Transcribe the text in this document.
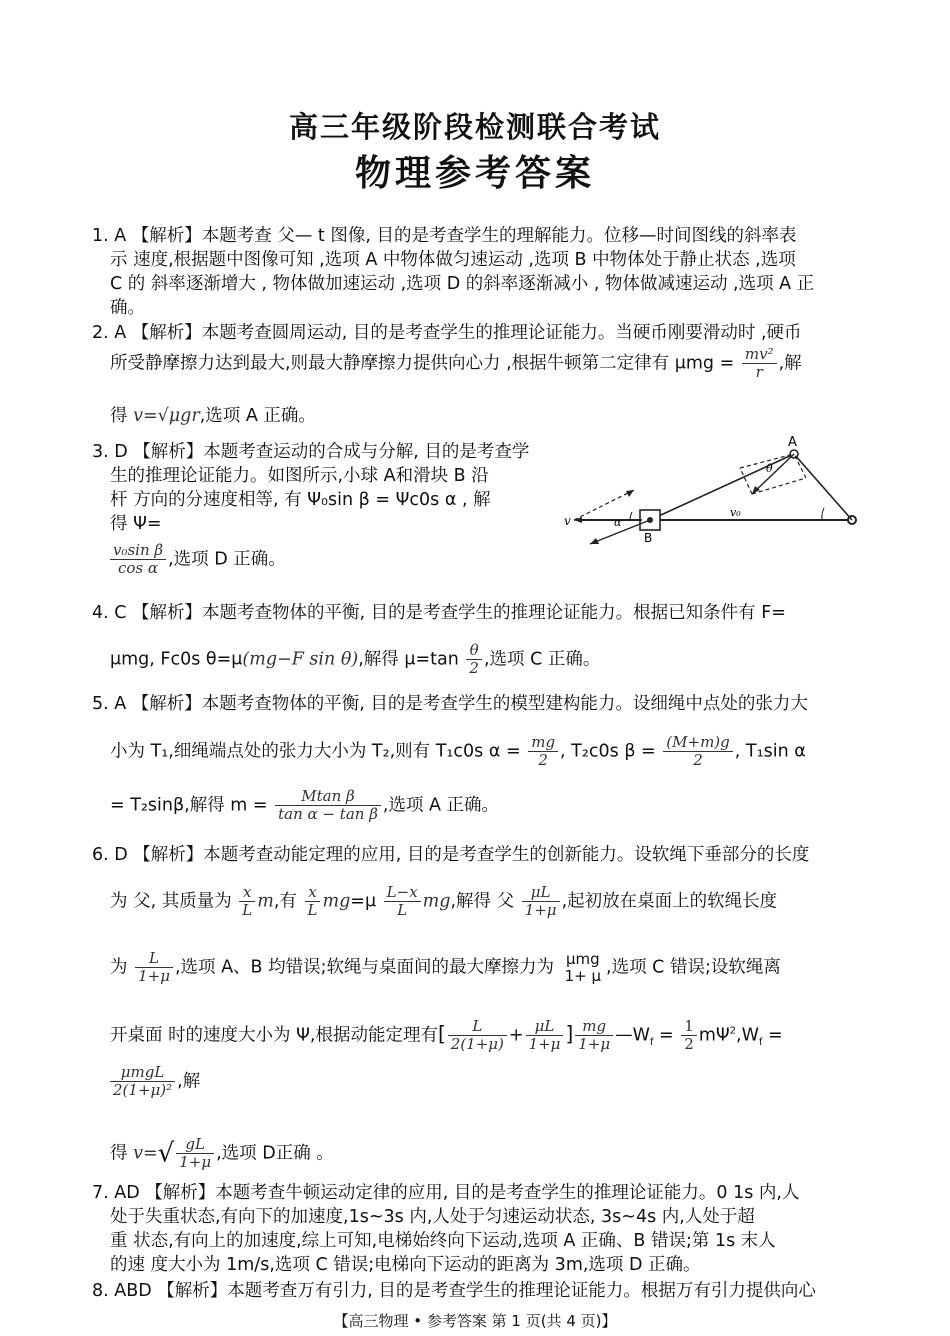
高三年级阶段检测联合考试
物理参考答案
1. A 【解析】本题考查 父— t 图像, 目的是考查学生的理解能力。位移—时间图线的斜率表
示 速度,根据题中图像可知 ,选项 A 中物体做匀速运动 ,选项 B 中物体处于静止状态 ,选项
C 的 斜率逐渐增大 , 物体做加速运动 ,选项 D 的斜率逐渐减小 , 物体做减速运动 ,选项 A 正
确。
2. A 【解析】本题考查圆周运动, 目的是考查学生的推理论证能力。当硬币刚要滑动时 ,硬币
所受静摩擦力达到最大,则最大静摩擦力提供向心力 ,根据牛顿第二定律有 $\mu mg = \frac{\text{mv²}}{r}$ ,解
得 v=√μgr,选项 A 正确。
3. D 【解析】本题考查运动的合成与分解, 目的是考查学
生的推理论证能力。如图所示,小球 A和滑块 B 沿
杆 方向的分速度相等, 有 Ψ₀sin β = Ψc0s α , 解
得 Ψ=
$\frac{\text{v₀sin β}}{\text{cos α}}$ ,选项 D 正确。
A
B
v
v₀
α
θ
4. C 【解析】本题考查物体的平衡, 目的是考查学生的推理论证能力。根据已知条件有 F=
μmg, Fc0s θ=μ(mg−F sin θ),解得 $\mu=\tan \frac{\theta}{2}$ ,选项 C 正确。
5. A 【解析】本题考查物体的平衡, 目的是考查学生的模型建构能力。设细绳中点处的张力大
小为 T₁,细绳端点处的张力大小为 T₂,则有 T₁c0s $\alpha = \frac{mg}{2}$ , T₂c0s $\beta = \frac{(M+m)g}{2}$ , T₁sin α
= T₂sinβ,解得 $m = \frac{\text{Mtan β}}{\text{tan α − tan β}}$ ,选项 A 正确。
6. D 【解析】本题考查动能定理的应用, 目的是考查学生的创新能力。设软绳下垂部分的长度
为 父, 其质量为 $\frac{x}{L} m$,有 $\frac{x}{L} mg=\mu \frac{L-x}{L}$ mg,解得 父 $\frac{\mu L}{1+\mu}$ ,起初放在桌面上的软绳长度
为 $\frac{L}{1+\mu}$ ,选项 A、B 均错误;软绳与桌面间的最大摩擦力为 μmg
1+ μ ,选项 C 错误;设软绳离
开桌面 时的速度大小为 Ψ,根据动能定理有[ $\frac{L}{2(1+\mu)} + \frac{\mu L}{1+\mu}$ ] $\frac{mg}{1+\mu}$ $—W_f = \frac{1}{2} m\Psi^2,W_f$ =
$\frac{\text{μmgL}}{\text{2(1+μ)²}}$ ,解
得 $v=√ \frac{gL}{1+\mu}$ ,选项 D正确 。
7. AD 【解析】本题考查牛顿运动定律的应用, 目的是考查学生的推理论证能力。0 1s 内,人
处于失重状态,有向下的加速度,1s~3s 内,人处于匀速运动状态, 3s~4s 内,人处于超
重 状态,有向上的加速度,综上可知,电梯始终向下运动,选项 A 正确、B 错误;第 1s 末人
的速 度大小为 1m/s,选项 C 错误;电梯向下运动的距离为 3m,选项 D 正确。
8. ABD 【解析】本题考查万有引力, 目的是考查学生的推理论证能力。根据万有引力提供向心
【高三物理 • 参考答案 第 1 页(共 4 页)】
